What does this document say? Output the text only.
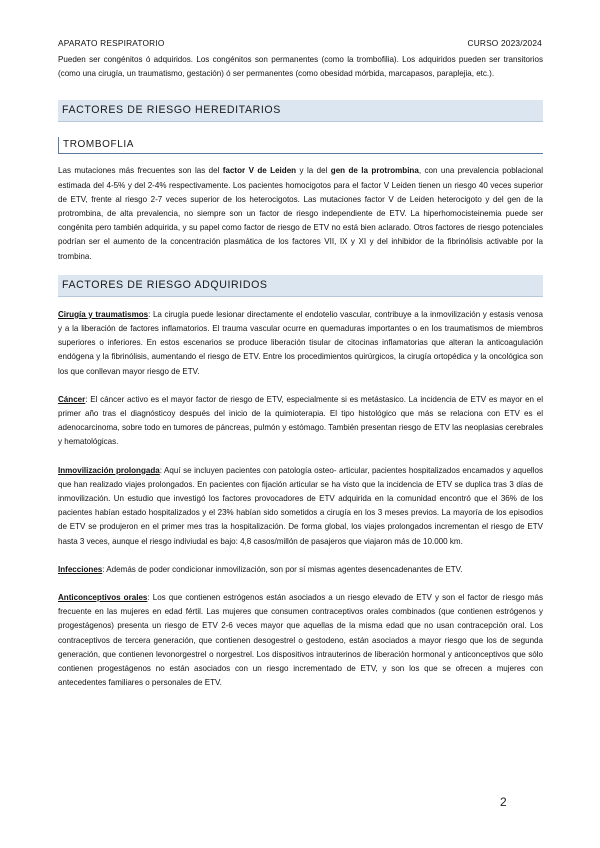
APARATO RESPIRATORIO	CURSO 2023/2024

Pueden ser congénitos ó adquiridos. Los congénitos son permanentes (como la trombofilia). Los adquiridos pueden ser transitorios (como una cirugía, un traumatismo, gestación) ó ser permanentes (como obesidad mórbida, marcapasos, paraplejia, etc.).

FACTORES DE RIESGO HEREDITARIOS
TROMBOFLIA

Las mutaciones más frecuentes son las del factor V de Leiden y la del gen de la protrombina, con una prevalencia poblacional estimada del 4-5% y del 2-4% respectivamente. Los pacientes homocigotos para el factor V Leiden tienen un riesgo 40 veces superior de ETV, frente al riesgo 2-7 veces superior de los heterocigotos. Las mutaciones factor V de Leiden heterocigoto y del gen de la protrombina, de alta prevalencia, no siempre son un factor de riesgo independiente de ETV. La hiperhomocisteinemia puede ser congénita pero también adquirida, y su papel como factor de riesgo de ETV no está bien aclarado. Otros factores de riesgo potenciales podrían ser el aumento de la concentración plasmática de los factores VII, IX y XI y del inhibidor de la fibrinólisis activable por la trombina.

FACTORES DE RIESGO ADQUIRIDOS

Cirugía y traumatismos: La cirugía puede lesionar directamente el endotelio vascular, contribuye a la inmovilización y estasis venosa y a la liberación de factores inflamatorios. El trauma vascular ocurre en quemaduras importantes o en los traumatismos de miembros superiores o inferiores. En estos escenarios se produce liberación tisular de citocinas inflamatorias que alteran la anticoagulación endógena y la fibrinólisis, aumentando el riesgo de ETV. Entre los procedimientos quirúrgicos, la cirugía ortopédica y la oncológica son los que conllevan mayor riesgo de ETV.

Cáncer: El cáncer activo es el mayor factor de riesgo de ETV, especialmente si es metástasico. La incidencia de ETV es mayor en el primer año tras el diagnósticoy después del inicio de la quimioterapia. El tipo histológico que más se relaciona con ETV es el adenocarcinoma, sobre todo en tumores de páncreas, pulmón y estómago. También presentan riesgo de ETV las neoplasias cerebrales y hematológicas.

Inmovilización prolongada: Aquí se incluyen pacientes con patología osteo- articular, pacientes hospitalizados encamados y aquellos que han realizado viajes prolongados. En pacientes con fijación articular se ha visto que la incidencia de ETV se duplica tras 3 días de inmovilización. Un estudio que investigó los factores provocadores de ETV adquirida en la comunidad encontró que el 36% de los pacientes habían estado hospitalizados y el 23% habían sido sometidos a cirugía en los 3 meses previos. La mayoría de los episodios de ETV se produjeron en el primer mes tras la hospitalización. De forma global, los viajes prolongados incrementan el riesgo de ETV hasta 3 veces, aunque el riesgo indiviudal es bajo: 4,8 casos/millón de pasajeros que viajaron más de 10.000 km.

Infecciones: Además de poder condicionar inmovilización, son por sí mismas agentes desencadenantes de ETV.

Anticonceptivos orales: Los que contienen estrógenos están asociados a un riesgo elevado de ETV y son el factor de riesgo más frecuente en las mujeres en edad fértil. Las mujeres que consumen contraceptivos orales combinados (que contienen estrógenos y progestágenos) presenta un riesgo de ETV 2-6 veces mayor que aquellas de la misma edad que no usan contracepción oral. Los contraceptivos de tercera generación, que contienen desogestrel o gestodeno, están asociados a mayor riesgo que los de segunda generación, que contienen levonorgestrel o norgestrel. Los dispositivos intrauterinos de liberación hormonal y anticonceptivos que sólo contienen progestágenos no están asociados con un riesgo incrementado de ETV, y son los que se ofrecen a mujeres con antecedentes familiares o personales de ETV.

2
